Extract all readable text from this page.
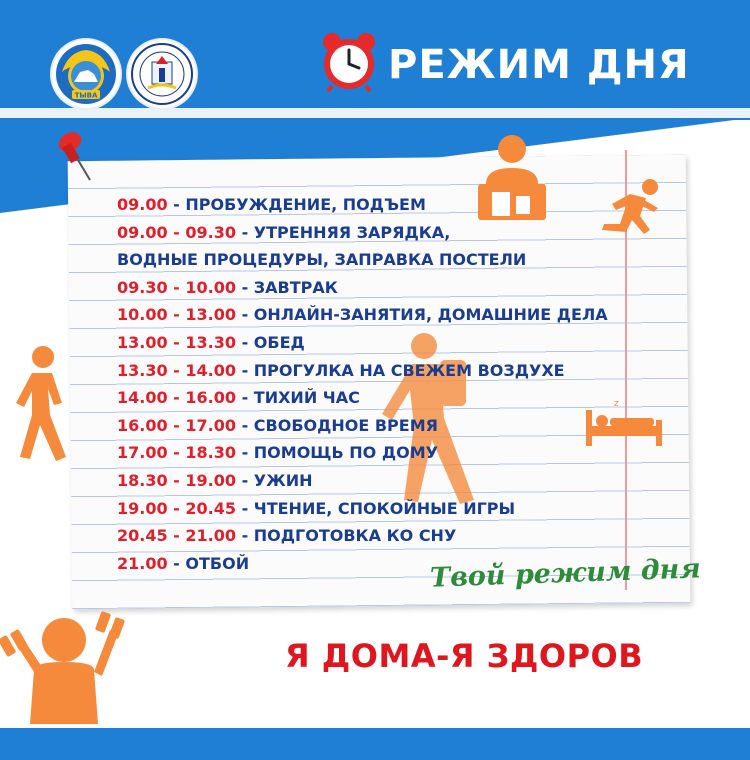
ТЫВА
РЕЖИМ ДНЯ
z
09.00 - ПРОБУЖДЕНИЕ, ПОДЪЕМ
09.00 - 09.30 - УТРЕННЯЯ ЗАРЯДКА,
ВОДНЫЕ ПРОЦЕДУРЫ, ЗАПРАВКА ПОСТЕЛИ
09.30 - 10.00 - ЗАВТРАК
10.00 - 13.00 - ОНЛАЙН-ЗАНЯТИЯ, ДОМАШНИЕ ДЕЛА
13.00 - 13.30 - ОБЕД
13.30 - 14.00 - ПРОГУЛКА НА СВЕЖЕМ ВОЗДУХЕ
14.00 - 16.00 - ТИХИЙ ЧАС
16.00 - 17.00 - СВОБОДНОЕ ВРЕМЯ
17.00 - 18.30 - ПОМОЩЬ ПО ДОМУ
18.30 - 19.00 - УЖИН
19.00 - 20.45 - ЧТЕНИЕ, СПОКОЙНЫЕ ИГРЫ
20.45 - 21.00 - ПОДГОТОВКА КО СНУ
21.00 - ОТБОЙ	Твой режим дня
Я ДОМА-Я ЗДОРОВ
